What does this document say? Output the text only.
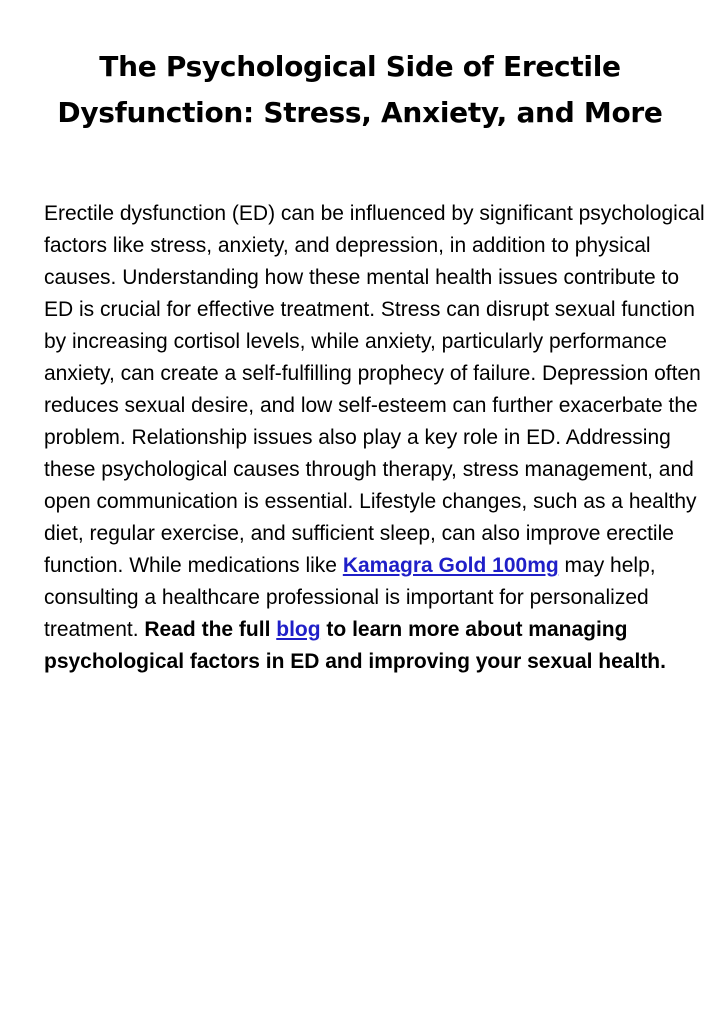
The Psychological Side of Erectile Dysfunction: Stress, Anxiety, and More

Erectile dysfunction (ED) can be influenced by significant psychological factors like stress, anxiety, and depression, in addition to physical causes. Understanding how these mental health issues contribute to ED is crucial for effective treatment. Stress can disrupt sexual function by increasing cortisol levels, while anxiety, particularly performance anxiety, can create a self-fulfilling prophecy of failure. Depression often reduces sexual desire, and low self-esteem can further exacerbate the problem. Relationship issues also play a key role in ED. Addressing these psychological causes through therapy, stress management, and open communication is essential. Lifestyle changes, such as a healthy diet, regular exercise, and sufficient sleep, can also improve erectile function. While medications like Kamagra Gold 100mg may help, consulting a healthcare professional is important for personalized treatment. Read the full blog to learn more about managing psychological factors in ED and improving your sexual health.
